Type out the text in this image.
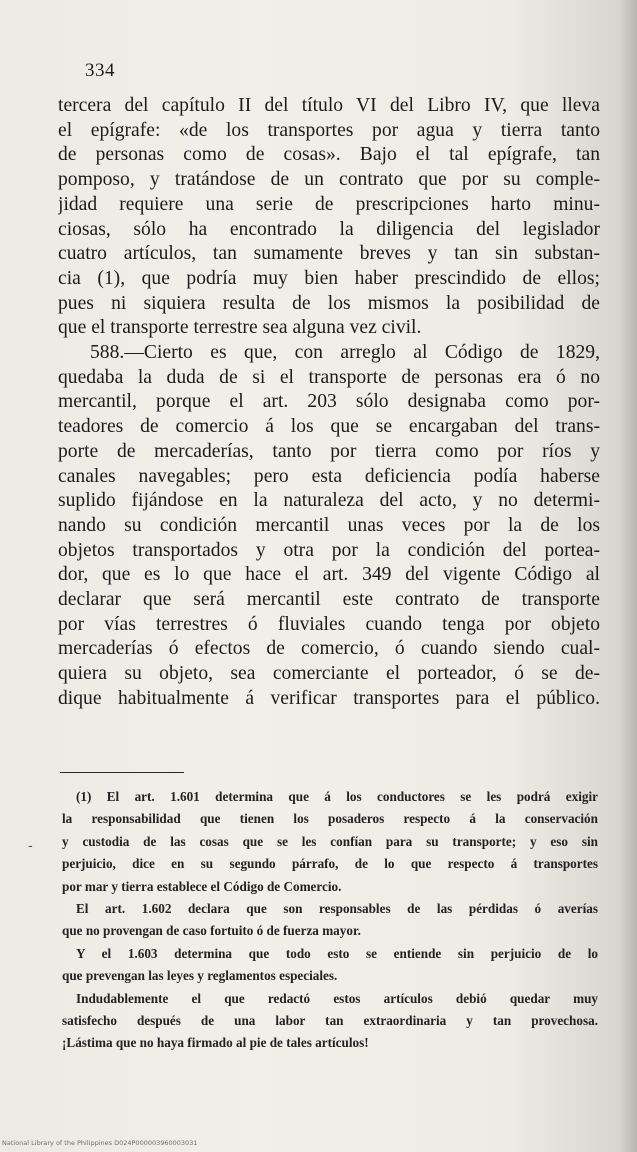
334
tercera del capítulo II del título VI del Libro IV, que lleva
el epígrafe: «de los transportes por agua y tierra tanto
de personas como de cosas». Bajo el tal epígrafe, tan
pomposo, y tratándose de un contrato que por su comple-
jidad requiere una serie de prescripciones harto minu-
ciosas, sólo ha encontrado la diligencia del legislador
cuatro artículos, tan sumamente breves y tan sin substan-
cia (1), que podría muy bien haber prescindido de ellos;
pues ni siquiera resulta de los mismos la posibilidad de
que el transporte terrestre sea alguna vez civil.
588.—Cierto es que, con arreglo al Código de 1829,
quedaba la duda de si el transporte de personas era ó no
mercantil, porque el art. 203 sólo designaba como por-
teadores de comercio á los que se encargaban del trans-
porte de mercaderías, tanto por tierra como por ríos y
canales navegables; pero esta deficiencia podía haberse
suplido fijándose en la naturaleza del acto, y no determi-
nando su condición mercantil unas veces por la de los
objetos transportados y otra por la condición del portea-
dor, que es lo que hace el art. 349 del vigente Código al
declarar que será mercantil este contrato de transporte
por vías terrestres ó fluviales cuando tenga por objeto
mercaderías ó efectos de comercio, ó cuando siendo cual-
quiera su objeto, sea comerciante el porteador, ó se de-
dique habitualmente á verificar transportes para el público.
-
(1) El art. 1.601 determina que á los conductores se les podrá exigir
la responsabilidad que tienen los posaderos respecto á la conservación
y custodia de las cosas que se les confían para su transporte; y eso sin
perjuicio, dice en su segundo párrafo, de lo que respecto á transportes
por mar y tierra establece el Código de Comercio.
El art. 1.602 declara que son responsables de las pérdidas ó averías
que no provengan de caso fortuito ó de fuerza mayor.
Y el 1.603 determina que todo esto se entiende sin perjuicio de lo
que prevengan las leyes y reglamentos especiales.
Indudablemente el que redactó estos artículos debió quedar muy
satisfecho después de una labor tan extraordinaria y tan provechosa.
¡Lástima que no haya firmado al pie de tales artículos!
National Library of the Philippines D024P000003960003031
